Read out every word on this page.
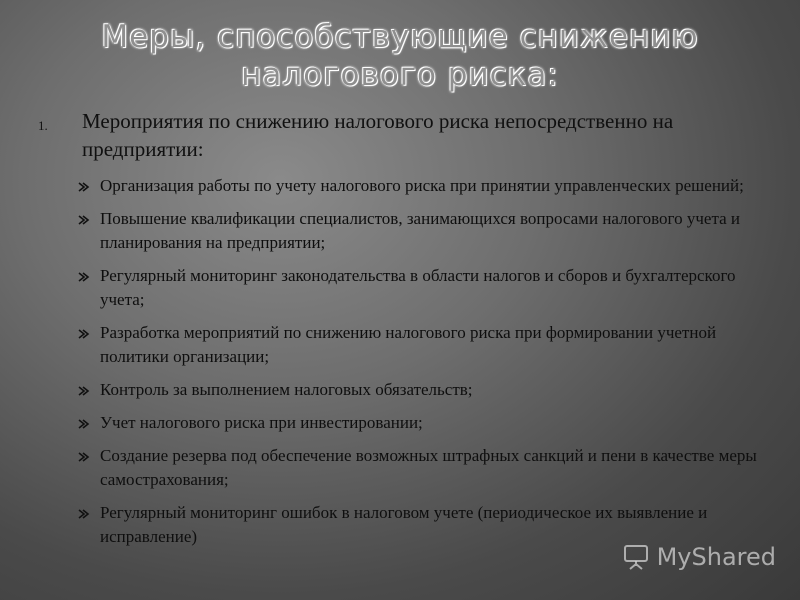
Меры, способствующие снижению
налогового риска:
1. Мероприятия по снижению налогового риска непосредственно на предприятии:
Организация работы по учету налогового риска при принятии управленческих решений;
Повышение квалификации специалистов, занимающихся вопросами налогового учета и планирования на предприятии;
Регулярный мониторинг законодательства в области налогов и сборов и бухгалтерского учета;
Разработка мероприятий по снижению налогового риска при формировании учетной политики организации;
Контроль за выполнением налоговых обязательств;
Учет налогового риска при инвестировании;
Создание резерва под обеспечение возможных штрафных санкций и пени в качестве меры самострахования;
Регулярный мониторинг ошибок в налоговом учете (периодическое их выявление и исправление)
MyShared
